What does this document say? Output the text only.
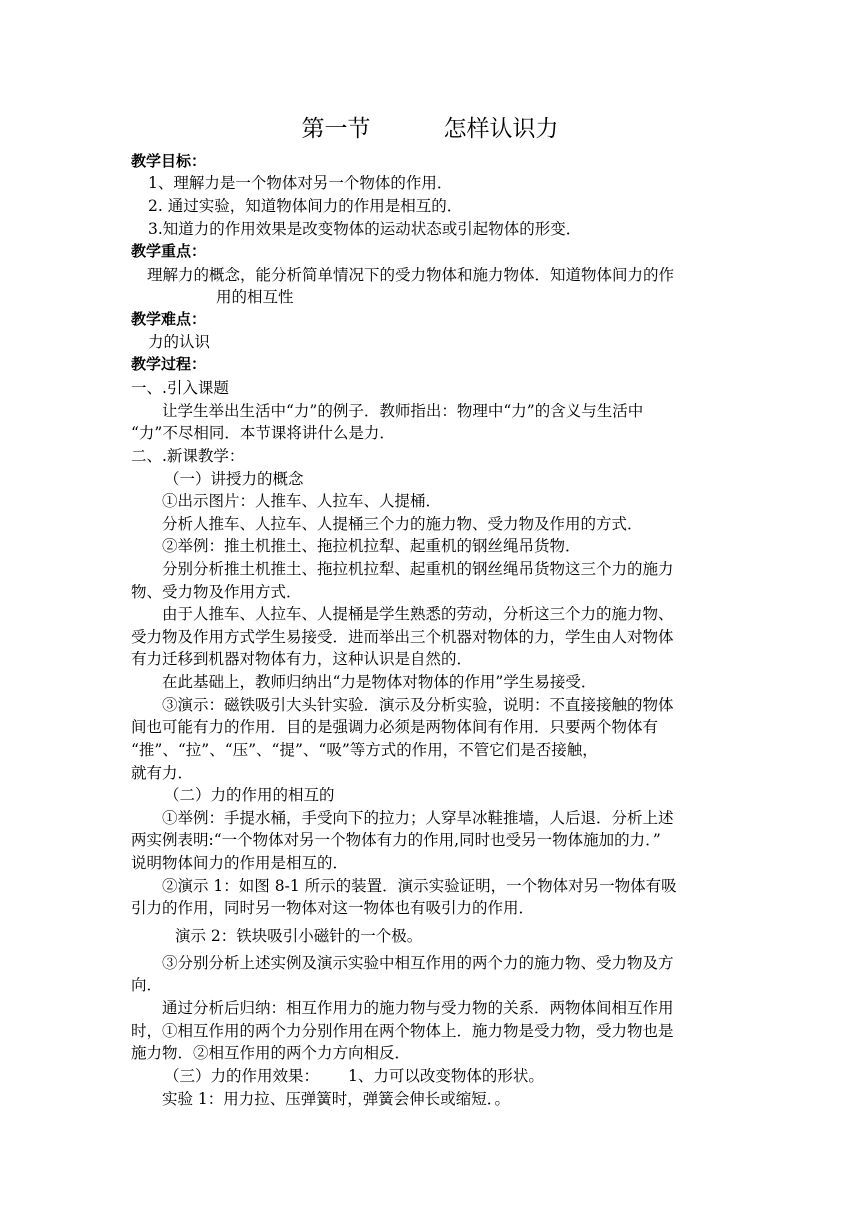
第一节          怎样认识力
教学目标：
1、理解力是一个物体对另一个物体的作用．
2. 通过实验，知道物体间力的作用是相互的．
3.知道力的作用效果是改变物体的运动状态或引起物体的形变．
教学重点：
理解力的概念，能分析简单情况下的受力物体和施力物体．知道物体间力的作
用的相互性
教学难点：
力的认识
教学过程：
一、.引入课题
让学生举出生活中“力”的例子．教师指出：物理中“力”的含义与生活中
“力”不尽相同．本节课将讲什么是力．
二、.新课教学：
（一）讲授力的概念
①出示图片：人推车、人拉车、人提桶．
分析人推车、人拉车、人提桶三个力的施力物、受力物及作用的方式．
②举例：推土机推土、拖拉机拉犁、起重机的钢丝绳吊货物．
分别分析推土机推土、拖拉机拉犁、起重机的钢丝绳吊货物这三个力的施力
物、受力物及作用方式．
由于人推车、人拉车、人提桶是学生熟悉的劳动，分析这三个力的施力物、
受力物及作用方式学生易接受．进而举出三个机器对物体的力，学生由人对物体
有力迁移到机器对物体有力，这种认识是自然的．
在此基础上，教师归纳出“力是物体对物体的作用”学生易接受．
③演示：磁铁吸引大头针实验．演示及分析实验，说明：不直接接触的物体
间也可能有力的作用．目的是强调力必须是两物体间有作用．只要两个物体有
“推”、“拉”、“压”、“提”、“吸”等方式的作用，不管它们是否接触，
就有力．
（二）力的作用的相互的
①举例：手提水桶，手受向下的拉力；人穿旱冰鞋推墙，人后退．分析上述
两实例表明:“一个物体对另一个物体有力的作用,同时也受另一物体施加的力．”
说明物体间力的作用是相互的．
②演示 1：如图 8-1 所示的装置．演示实验证明，一个物体对另一物体有吸
引力的作用，同时另一物体对这一物体也有吸引力的作用．
演示 2：铁块吸引小磁针的一个极。
③分别分析上述实例及演示实验中相互作用的两个力的施力物、受力物及方
向．
通过分析后归纳：相互作用力的施力物与受力物的关系．两物体间相互作用
时，①相互作用的两个力分别作用在两个物体上．施力物是受力物，受力物也是
施力物．②相互作用的两个力方向相反．
（三）力的作用效果： 1、力可以改变物体的形状。
实验 1：用力拉、压弹簧时，弹簧会伸长或缩短．。
